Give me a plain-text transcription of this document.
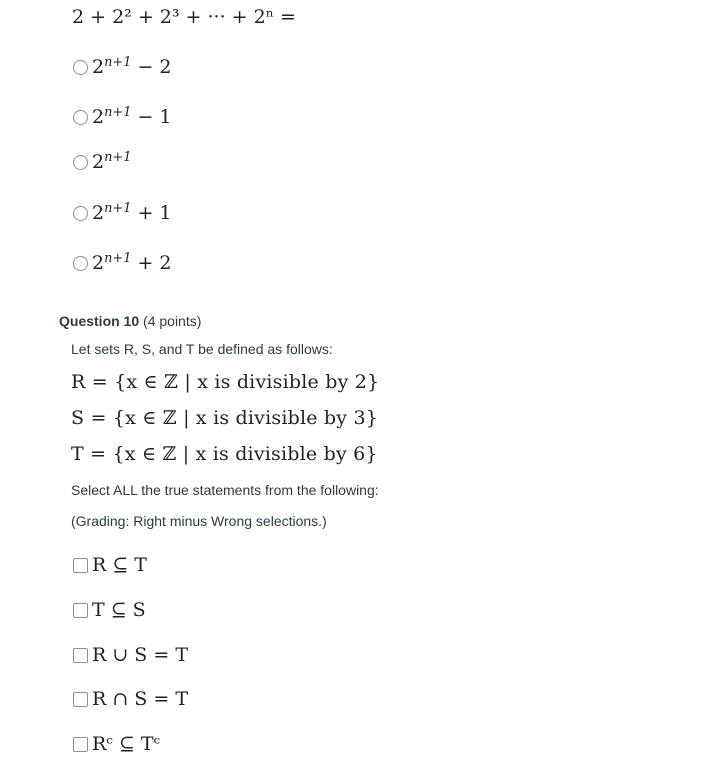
2 + 2² + 2³ + ··· + 2ⁿ =
$2^{n+1} - 2$
$2^{n+1} - 1$
$2^{n+1}$
$2^{n+1} + 1$
$2^{n+1} + 2$
Question 10 (4 points)
Let sets R, S, and T be defined as follows:
R = {x ∈ ℤ | x is divisible by 2}
S = {x ∈ ℤ | x is divisible by 3}
T = {x ∈ ℤ | x is divisible by 6}
Select ALL the true statements from the following:
(Grading: Right minus Wrong selections.)
R ⊆ T
T ⊆ S
R ∪ S = T
R ∩ S = T
Rᶜ ⊆ Tᶜ
